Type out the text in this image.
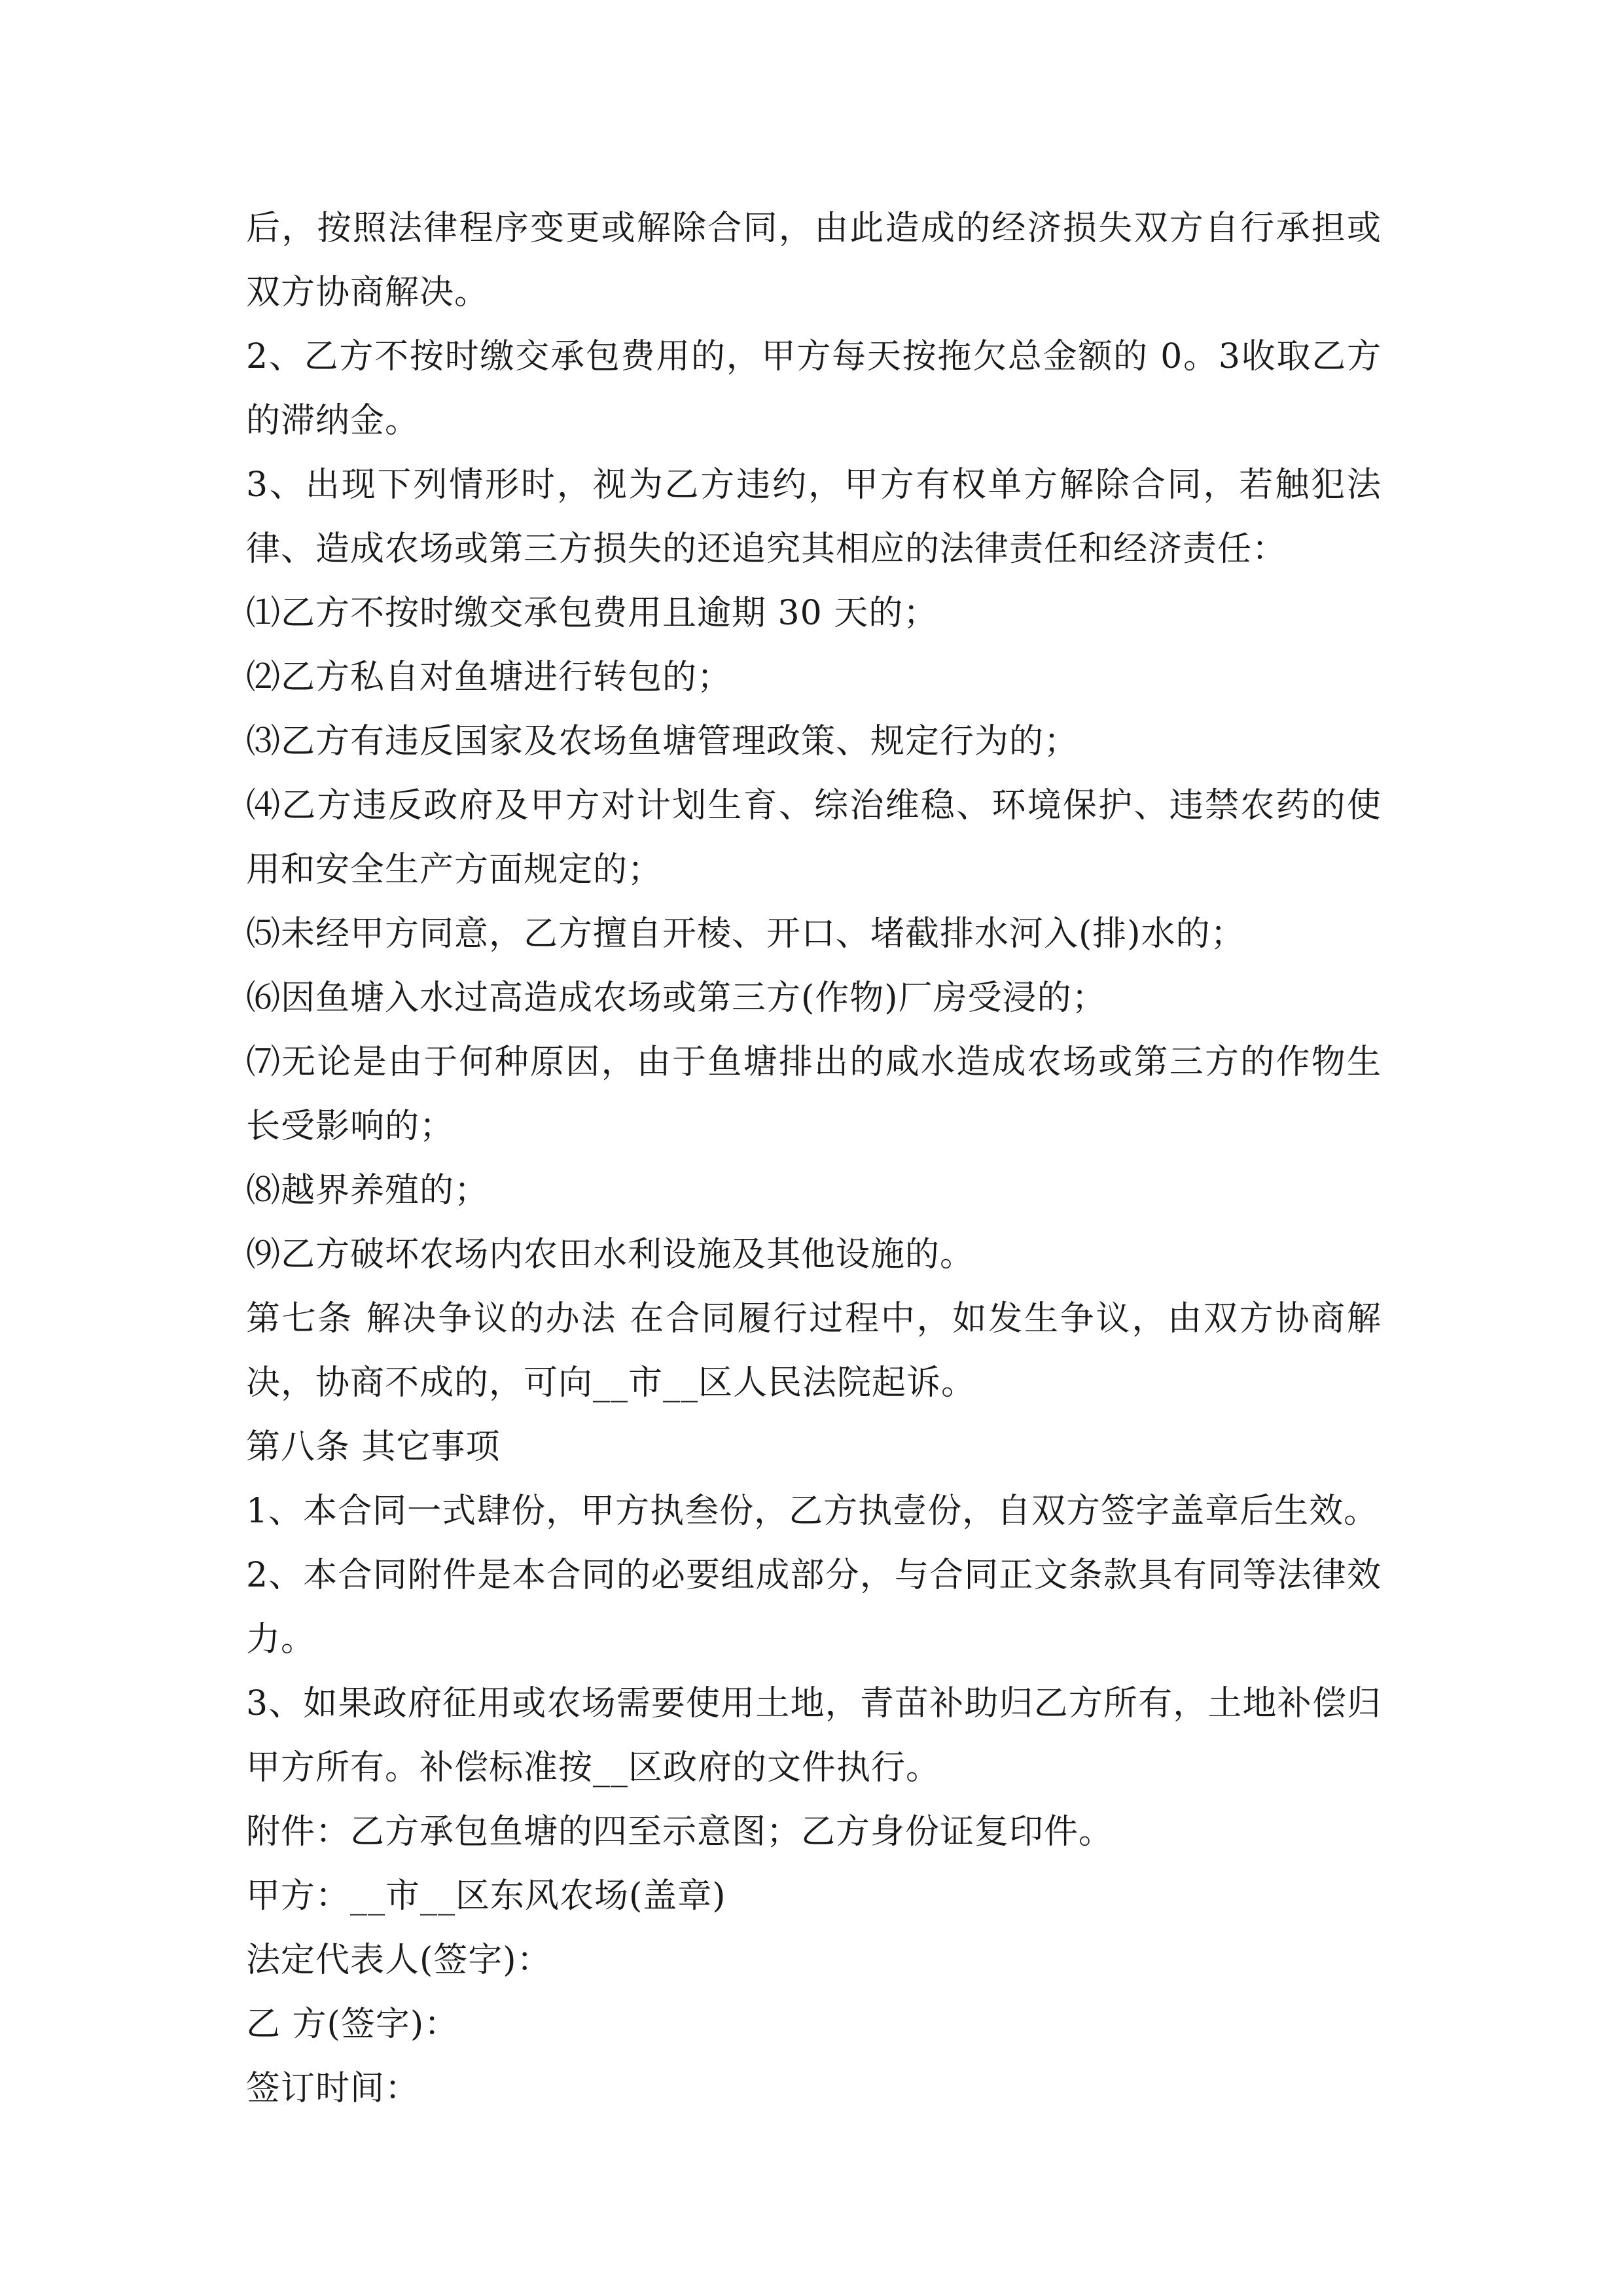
后，按照法律程序变更或解除合同，由此造成的经济损失双方自行承担或双方协商解决。

2、乙方不按时缴交承包费用的，甲方每天按拖欠总金额的 0。3收取乙方的滞纳金。

3、出现下列情形时，视为乙方违约，甲方有权单方解除合同，若触犯法律、造成农场或第三方损失的还追究其相应的法律责任和经济责任：

⑴乙方不按时缴交承包费用且逾期 30 天的；

⑵乙方私自对鱼塘进行转包的；

⑶乙方有违反国家及农场鱼塘管理政策、规定行为的；

⑷乙方违反政府及甲方对计划生育、综治维稳、环境保护、违禁农药的使用和安全生产方面规定的；

⑸未经甲方同意，乙方擅自开棱、开口、堵截排水河入(排)水的；

⑹因鱼塘入水过高造成农场或第三方(作物)厂房受浸的；

⑺无论是由于何种原因，由于鱼塘排出的咸水造成农场或第三方的作物生长受影响的；

⑻越界养殖的；

⑼乙方破坏农场内农田水利设施及其他设施的。

第七条 解决争议的办法 在合同履行过程中，如发生争议，由双方协商解决，协商不成的，可向__市__区人民法院起诉。

第八条 其它事项

1、本合同一式肆份，甲方执叁份，乙方执壹份，自双方签字盖章后生效。

2、本合同附件是本合同的必要组成部分，与合同正文条款具有同等法律效力。

3、如果政府征用或农场需要使用土地，青苗补助归乙方所有，土地补偿归甲方所有。补偿标准按__区政府的文件执行。

附件：乙方承包鱼塘的四至示意图；乙方身份证复印件。

甲方：__市__区东风农场(盖章)

法定代表人(签字)：

乙 方(签字)：

签订时间：
